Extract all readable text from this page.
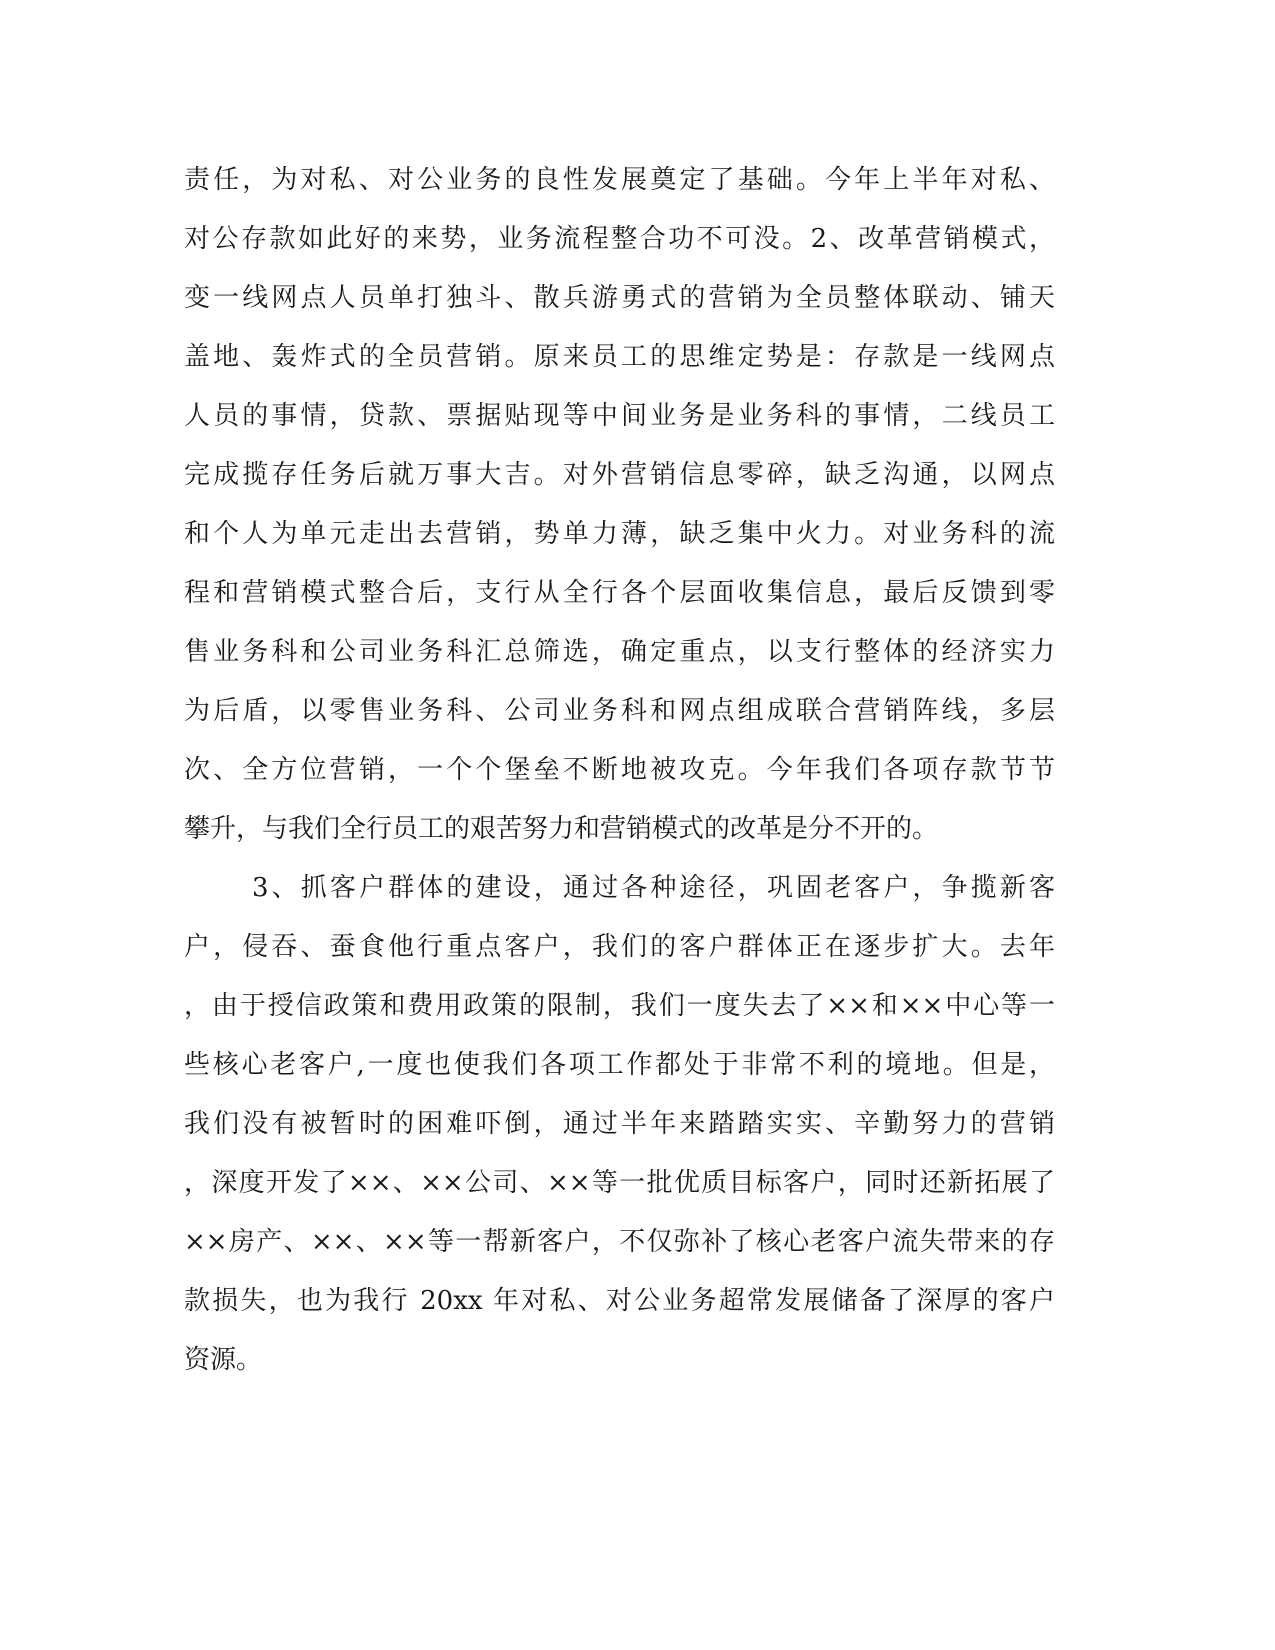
责任，为对私、对公业务的良性发展奠定了基础。今年上半年对私、
对公存款如此好的来势，业务流程整合功不可没。2、改革营销模式，
变一线网点人员单打独斗、散兵游勇式的营销为全员整体联动、铺天
盖地、轰炸式的全员营销。原来员工的思维定势是：存款是一线网点
人员的事情，贷款、票据贴现等中间业务是业务科的事情，二线员工
完成揽存任务后就万事大吉。对外营销信息零碎，缺乏沟通，以网点
和个人为单元走出去营销，势单力薄，缺乏集中火力。对业务科的流
程和营销模式整合后，支行从全行各个层面收集信息，最后反馈到零
售业务科和公司业务科汇总筛选，确定重点，以支行整体的经济实力
为后盾，以零售业务科、公司业务科和网点组成联合营销阵线，多层
次、全方位营销，一个个堡垒不断地被攻克。今年我们各项存款节节
攀升，与我们全行员工的艰苦努力和营销模式的改革是分不开的。
3、抓客户群体的建设，通过各种途径，巩固老客户，争揽新客
户，侵吞、蚕食他行重点客户，我们的客户群体正在逐步扩大。去年
，由于授信政策和费用政策的限制，我们一度失去了××和××中心等一
些核心老客户,一度也使我们各项工作都处于非常不利的境地。但是，
我们没有被暂时的困难吓倒，通过半年来踏踏实实、辛勤努力的营销
，深度开发了××、××公司、××等一批优质目标客户，同时还新拓展了
××房产、××、××等一帮新客户，不仅弥补了核心老客户流失带来的存
款损失，也为我行 20xx 年对私、对公业务超常发展储备了深厚的客户
资源。
